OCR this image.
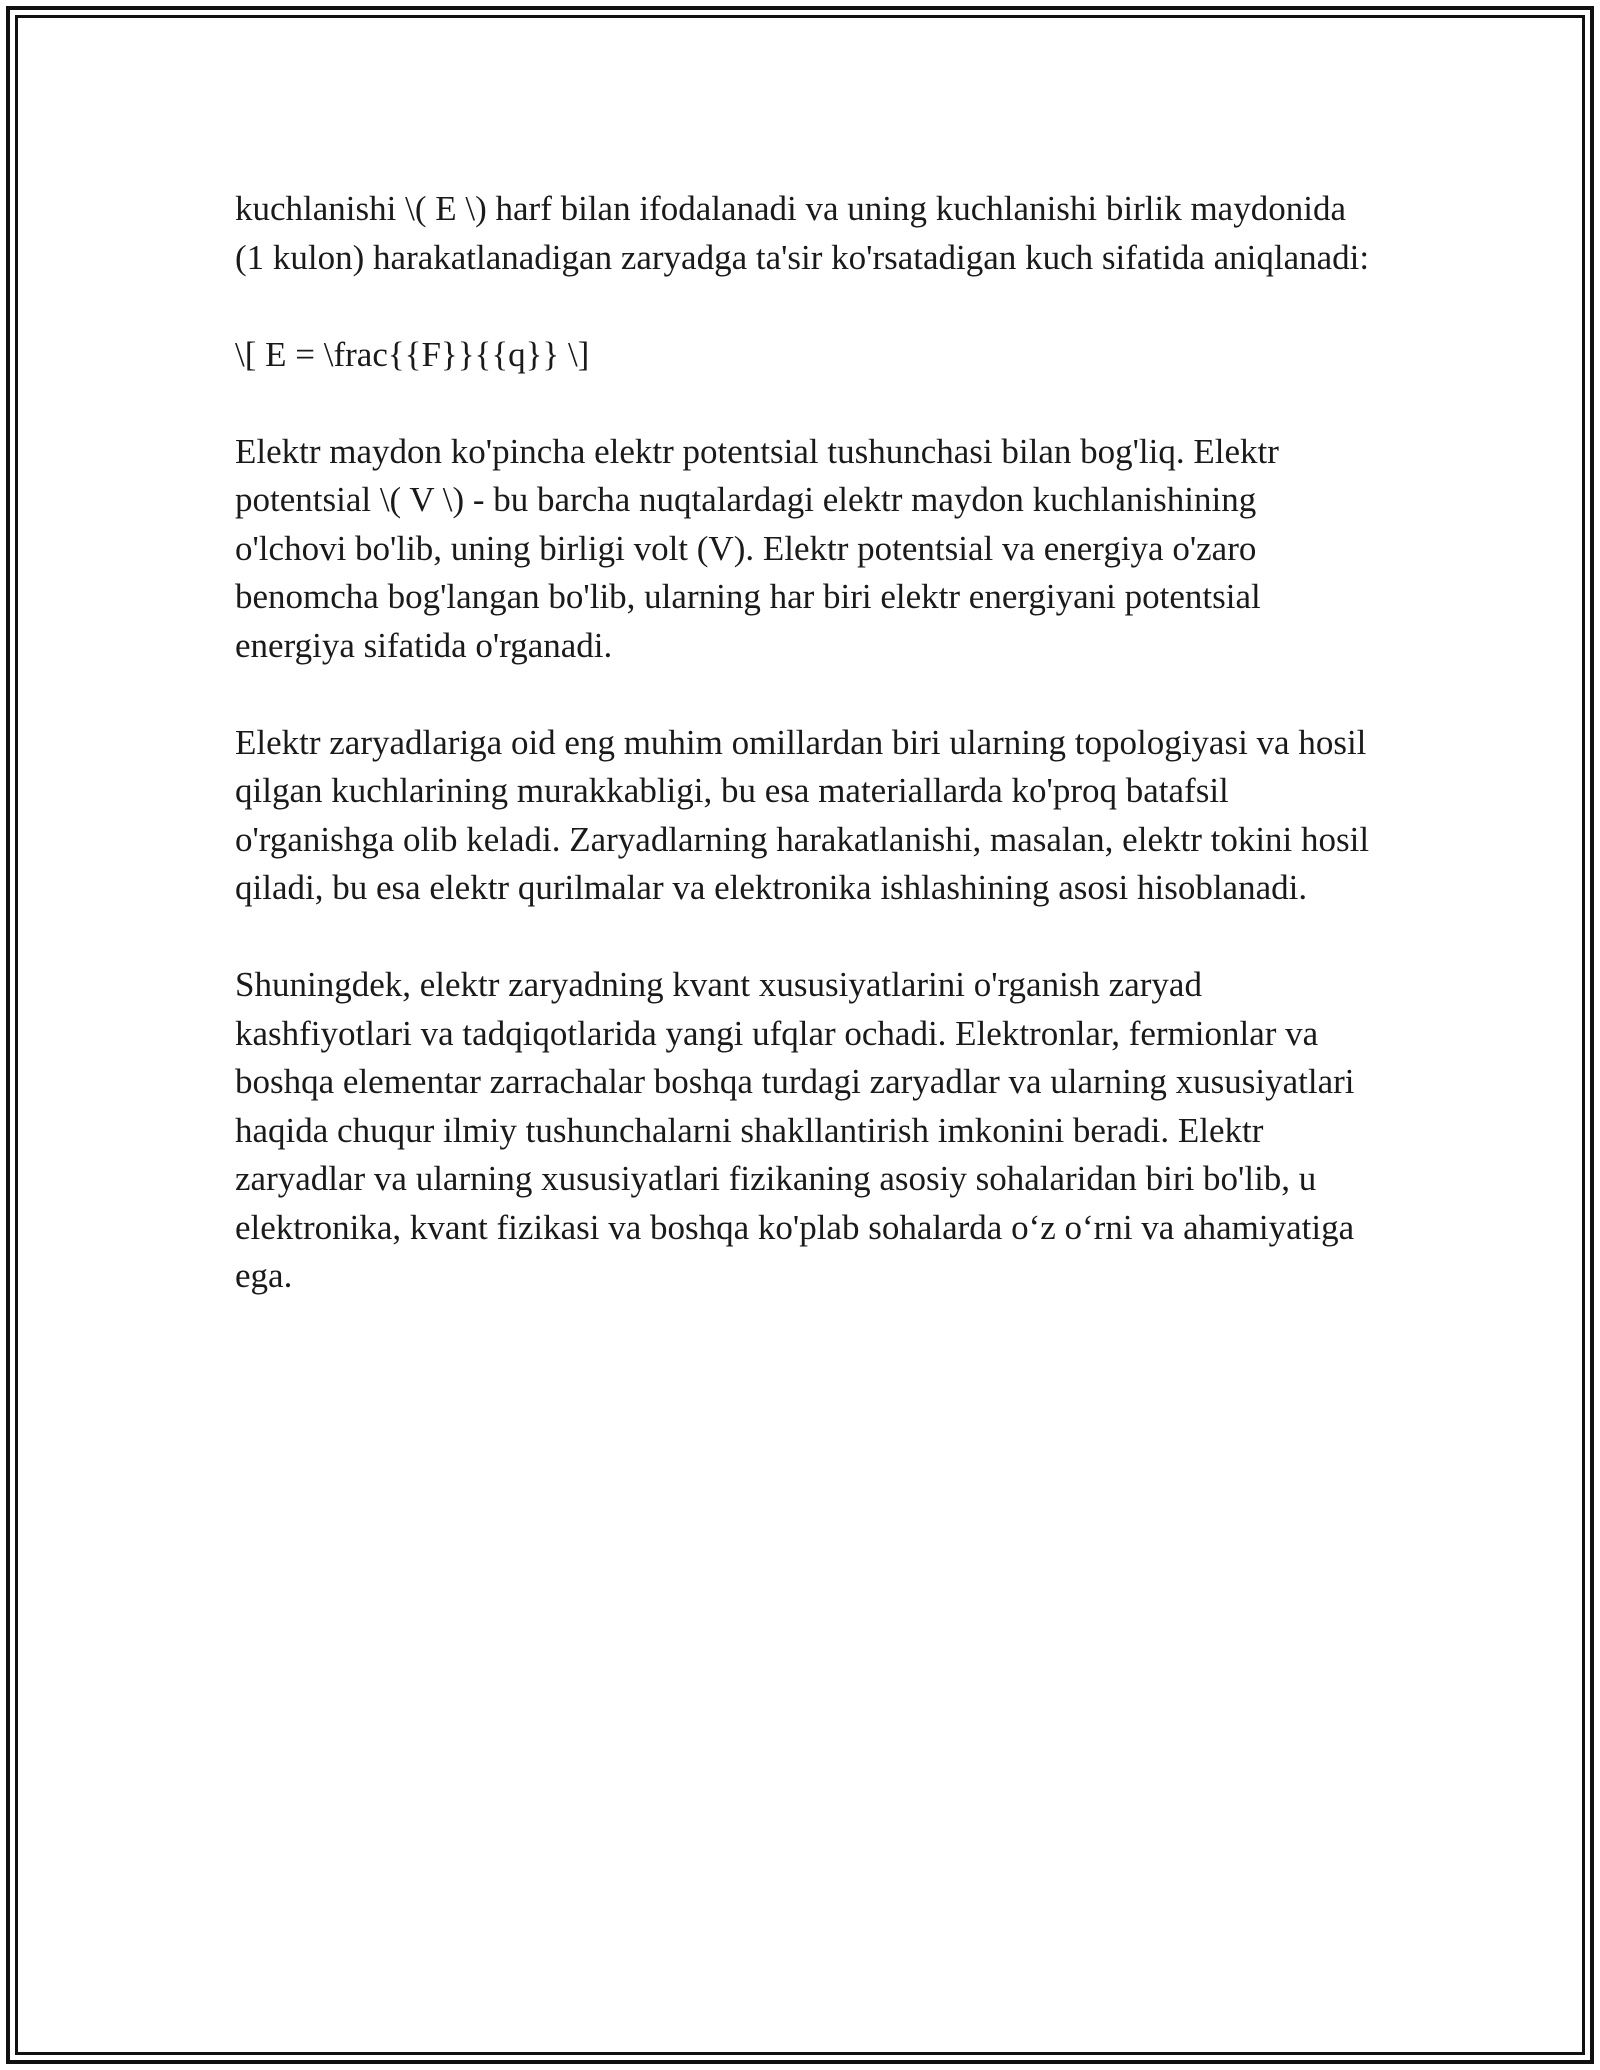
kuchlanishi \( E \) harf bilan ifodalanadi va uning kuchlanishi birlik maydonida (1 kulon) harakatlanadigan zaryadga ta'sir ko'rsatadigan kuch sifatida aniqlanadi:

\[ E = \frac{{F}}{{q}} \]

Elektr maydon ko'pincha elektr potentsial tushunchasi bilan bog'liq. Elektr potentsial \( V \) - bu barcha nuqtalardagi elektr maydon kuchlanishining o'lchovi bo'lib, uning birligi volt (V). Elektr potentsial va energiya o'zaro benomcha bog'langan bo'lib, ularning har biri elektr energiyani potentsial energiya sifatida o'rganadi.

Elektr zaryadlariga oid eng muhim omillardan biri ularning topologiyasi va hosil qilgan kuchlarining murakkabligi, bu esa materiallarda ko'proq batafsil o'rganishga olib keladi. Zaryadlarning harakatlanishi, masalan, elektr tokini hosil qiladi, bu esa elektr qurilmalar va elektronika ishlashining asosi hisoblanadi.

Shuningdek, elektr zaryadning kvant xususiyatlarini o'rganish zaryad kashfiyotlari va tadqiqotlarida yangi ufqlar ochadi. Elektronlar, fermionlar va boshqa elementar zarrachalar boshqa turdagi zaryadlar va ularning xususiyatlari haqida chuqur ilmiy tushunchalarni shakllantirish imkonini beradi. Elektr zaryadlar va ularning xususiyatlari fizikaning asosiy sohalaridan biri bo'lib, u elektronika, kvant fizikasi va boshqa ko'plab sohalarda o‘z o‘rni va ahamiyatiga ega.
